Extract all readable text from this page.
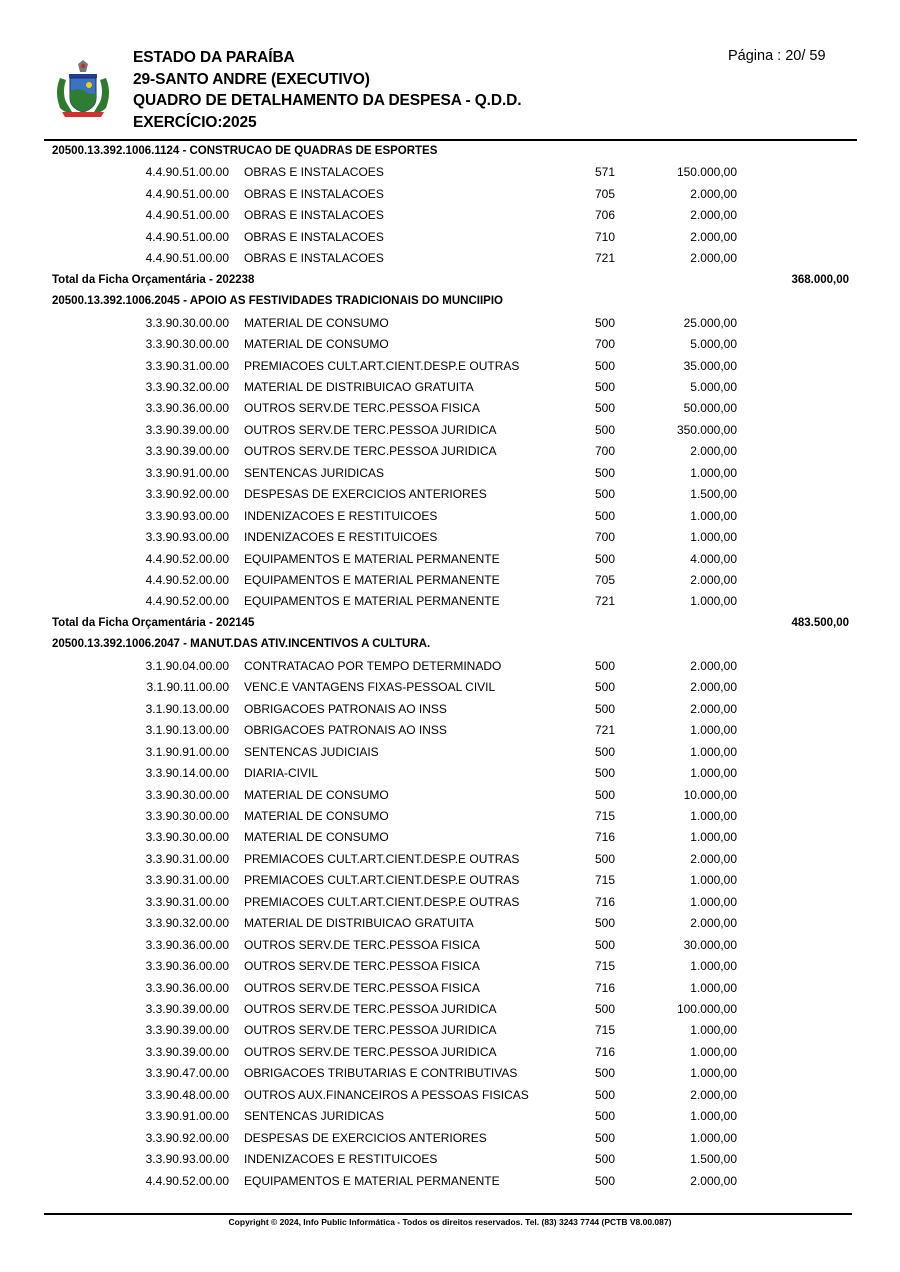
ESTADO DA PARAÍBA
29-SANTO ANDRE (EXECUTIVO)
QUADRO DE DETALHAMENTO DA DESPESA - Q.D.D.
EXERCÍCIO:2025
Página : 20/ 59
20500.13.392.1006.1124 - CONSTRUCAO DE QUADRAS DE ESPORTES
4.4.90.51.00.00 OBRAS E INSTALACOES	571	150.000,00
4.4.90.51.00.00 OBRAS E INSTALACOES	705	2.000,00
4.4.90.51.00.00 OBRAS E INSTALACOES	706	2.000,00
4.4.90.51.00.00 OBRAS E INSTALACOES	710	2.000,00
4.4.90.51.00.00 OBRAS E INSTALACOES	721	2.000,00
Total da Ficha Orçamentária - 202238	368.000,00
20500.13.392.1006.2045 - APOIO AS FESTIVIDADES TRADICIONAIS DO MUNCIIPIO
3.3.90.30.00.00 MATERIAL DE CONSUMO	500	25.000,00
3.3.90.30.00.00 MATERIAL DE CONSUMO	700	5.000,00
3.3.90.31.00.00 PREMIACOES CULT.ART.CIENT.DESP.E OUTRAS	500	35.000,00
3.3.90.32.00.00 MATERIAL DE DISTRIBUICAO GRATUITA	500	5.000,00
3.3.90.36.00.00 OUTROS SERV.DE TERC.PESSOA FISICA	500	50.000,00
3.3.90.39.00.00 OUTROS SERV.DE TERC.PESSOA JURIDICA	500	350.000,00
3.3.90.39.00.00 OUTROS SERV.DE TERC.PESSOA JURIDICA	700	2.000,00
3.3.90.91.00.00 SENTENCAS JURIDICAS	500	1.000,00
3.3.90.92.00.00 DESPESAS DE EXERCICIOS ANTERIORES	500	1.500,00
3.3.90.93.00.00 INDENIZACOES E RESTITUICOES	500	1.000,00
3.3.90.93.00.00 INDENIZACOES E RESTITUICOES	700	1.000,00
4.4.90.52.00.00 EQUIPAMENTOS E MATERIAL PERMANENTE	500	4.000,00
4.4.90.52.00.00 EQUIPAMENTOS E MATERIAL PERMANENTE	705	2.000,00
4.4.90.52.00.00 EQUIPAMENTOS E MATERIAL PERMANENTE	721	1.000,00
Total da Ficha Orçamentária - 202145	483.500,00
20500.13.392.1006.2047 - MANUT.DAS ATIV.INCENTIVOS A CULTURA.
3.1.90.04.00.00 CONTRATACAO POR TEMPO DETERMINADO	500	2.000,00
3.1.90.11.00.00 VENC.E VANTAGENS FIXAS-PESSOAL CIVIL	500	2.000,00
3.1.90.13.00.00 OBRIGACOES PATRONAIS AO INSS	500	2.000,00
3.1.90.13.00.00 OBRIGACOES PATRONAIS AO INSS	721	1.000,00
3.1.90.91.00.00 SENTENCAS JUDICIAIS	500	1.000,00
3.3.90.14.00.00 DIARIA-CIVIL	500	1.000,00
3.3.90.30.00.00 MATERIAL DE CONSUMO	500	10.000,00
3.3.90.30.00.00 MATERIAL DE CONSUMO	715	1.000,00
3.3.90.30.00.00 MATERIAL DE CONSUMO	716	1.000,00
3.3.90.31.00.00 PREMIACOES CULT.ART.CIENT.DESP.E OUTRAS	500	2.000,00
3.3.90.31.00.00 PREMIACOES CULT.ART.CIENT.DESP.E OUTRAS	715	1.000,00
3.3.90.31.00.00 PREMIACOES CULT.ART.CIENT.DESP.E OUTRAS	716	1.000,00
3.3.90.32.00.00 MATERIAL DE DISTRIBUICAO GRATUITA	500	2.000,00
3.3.90.36.00.00 OUTROS SERV.DE TERC.PESSOA FISICA	500	30.000,00
3.3.90.36.00.00 OUTROS SERV.DE TERC.PESSOA FISICA	715	1.000,00
3.3.90.36.00.00 OUTROS SERV.DE TERC.PESSOA FISICA	716	1.000,00
3.3.90.39.00.00 OUTROS SERV.DE TERC.PESSOA JURIDICA	500	100.000,00
3.3.90.39.00.00 OUTROS SERV.DE TERC.PESSOA JURIDICA	715	1.000,00
3.3.90.39.00.00 OUTROS SERV.DE TERC.PESSOA JURIDICA	716	1.000,00
3.3.90.47.00.00 OBRIGACOES TRIBUTARIAS E CONTRIBUTIVAS	500	1.000,00
3.3.90.48.00.00 OUTROS AUX.FINANCEIROS A PESSOAS FISICAS	500	2.000,00
3.3.90.91.00.00 SENTENCAS JURIDICAS	500	1.000,00
3.3.90.92.00.00 DESPESAS DE EXERCICIOS ANTERIORES	500	1.000,00
3.3.90.93.00.00 INDENIZACOES E RESTITUICOES	500	1.500,00
4.4.90.52.00.00 EQUIPAMENTOS E MATERIAL PERMANENTE	500	2.000,00
Copyright © 2024, Info Public Informática - Todos os direitos reservados. Tel. (83) 3243 7744 (PCTB V8.00.087)
